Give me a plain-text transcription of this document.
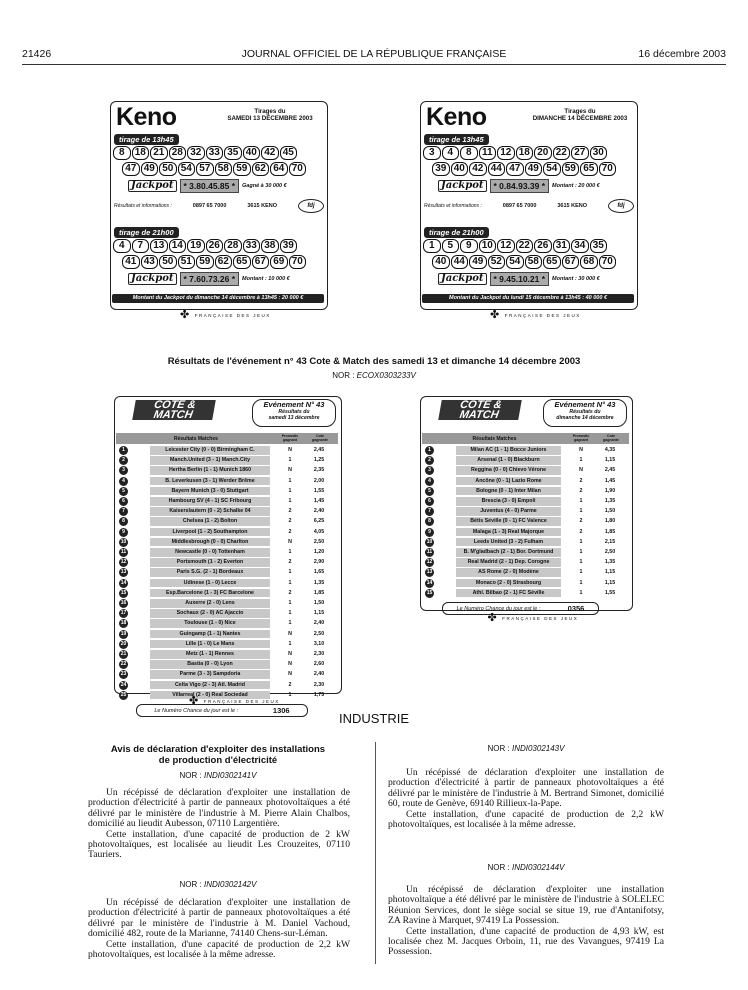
21426	JOURNAL OFFICIEL DE LA RÉPUBLIQUE FRANÇAISE	16 décembre 2003
Keno	Tirages du
SAMEDI 13 DÉCEMBRE 2003
tirage de 13h45
8	18 21 28 32 33 35 40 42 45
47 49 50 54 57 58 59 62 64 70
Jackpot	* 3.80.45.85 *	Gagné à 30 000 €
Résultats et informations :	0897 65 7000	3615 KENO	fdj
tirage de 21h00
4	7	13 14 19 26 28 33 38 39
41 43 50 51 59 62 65 67 69 70
Jackpot	* 7.60.73.26 *	Montant : 10 000 €
Montant du Jackpot du dimanche 14 décembre à 13h45 : 20 000 €
✤ FRANÇAISE DES JEUX
Keno	Tirages du
DIMANCHE 14 DÉCEMBRE 2003
tirage de 13h45
3	4	8	11 12 18 20 22 27 30
39 40 42 44 47 49 54 59 65 70
Jackpot	* 0.84.93.39 *	Montant : 20 000 €
Résultats et informations :	0897 65 7000	3615 KENO	fdj
tirage de 21h00
1	5	9	10 12 22 26 31 34 35
40 44 49 52 54 58 65 67 68 70
Jackpot	* 9.45.10.21 *	Montant : 30 000 €
Montant du Jackpot du lundi 15 décembre à 13h45 : 40 000 €
✤ FRANÇAISE DES JEUX
Résultats de l'événement n° 43 Cote & Match des samedi 13 et dimanche 14 décembre 2003
NOR : ECOX0303233V
COTE & MATCH
Evénement N° 43
Résultats du
samedi 13 décembre
Résultats Matches	Pronostic gagnant
Cote gagnante
1	Leicester City (0 - 0) Birmingham C.	N	2,45
2	Manch.United (3 - 1) Manch.City	1	1,25
3	Hertha Berlin (1 - 1) Munich 1860	N	2,35
4	B. Leverkusen (3 - 1) Werder Brême	1	2,00
5	Bayern Munich (3 - 0) Stuttgart	1	1,55
6	Hambourg SV (4 - 1) SC Fribourg	1	1,45
7	Kaiserslautern (0 - 2) Schalke 04	2	2,40
8	Chelsea (1 - 2) Bolton	2	6,25
9	Liverpool (1 - 2) Southampton	2	4,05
10	Middlesbrough (0 - 0) Charlton	N	2,50
11	Newcastle (0 - 0) Tottenham	1	1,20
12	Portsmouth (1 - 2) Everton	2	2,90
13	Paris S.G. (2 - 1) Bordeaux	1	1,65
14	Udinese (1 - 0) Lecce	1	1,35
15	Esp.Barcelone (1 - 3) FC Barcelone	2	1,85
16	Auxerre (2 - 0) Lens	1	1,50
17	Sochaux (2 - 0) AC Ajaccio	1	1,15
18	Toulouse (1 - 0) Nice	1	2,40
19	Guingamp (1 - 1) Nantes	N	2,50
20	Lille (1 - 0) Le Mans	1	3,10
21	Metz (1 - 1) Rennes	N	2,30
22	Bastia (0 - 0) Lyon	N	2,60
23	Parme (3 - 3) Sampdoria	N	2,40
24	Celta Vigo (2 - 3) Atl. Madrid	2	2,30
25	Villarreal (2 - 0) Real Sociedad	1	1,75
Le Numéro Chance du jour est le :	1306
✤ FRANÇAISE DES JEUX
COTE & MATCH
Evénement N° 43
Résultats du
dimanche 14 décembre
Résultats Matches	Pronostic gagnant
Cote gagnante
1	Milan AC (1 - 1) Bocce Juniors	N	4,35
2	Arsenal (1 - 0) Blackburn	1	1,15
3	Reggina (0 - 0) Chievo Vérone	N	2,45
4	Ancône (0 - 1) Lazio Rome	2	1,45
5	Bologne (0 - 1) Inter Milan	2	1,90
6	Brescia (3 - 0) Empoli	1	1,35
7	Juventus (4 - 0) Parme	1	1,50
8	Bétis Séville (0 - 1) FC Valence	2	1,80
9	Malaga (1 - 3) Real Majorque	2	1,85
10	Leeds United (3 - 2) Fulham	1	2,15
11	B. M'gladbach (2 - 1) Bor. Dortmund	1	2,50
12	Real Madrid (2 - 1) Dep. Corogne	1	1,35
13	AS Rome (2 - 0) Modène	1	1,15
14	Monaco (2 - 0) Strasbourg	1	1,15
15	Athl. Bilbao (2 - 1) FC Séville	1	1,55
Le Numéro Chance du jour est le :	0356
✤ FRANÇAISE DES JEUX
INDUSTRIE
Avis de déclaration d'exploiter des installations
de production d'électricité
NOR : INDI0302141V

Un récépissé de déclaration d'exploiter une installation de production d'électricité à partir de panneaux photovoltaïques a été délivré par le ministère de l'industrie à M. Pierre Alain Chalbos, domicilié au lieudit Aubesson, 07110 Largentière.

Cette installation, d'une capacité de production de 2 kW photovoltaïques, est localisée au lieudit Les Crouzeites, 07110 Tauriers.

NOR : INDI0302142V

Un récépissé de déclaration d'exploiter une installation de production d'électricité à partir de panneaux photovoltaïques a été délivré par le ministère de l'industrie à M. Daniel Vachoud, domicilié 482, route de la Marianne, 74140 Chens-sur-Léman.

Cette installation, d'une capacité de production de 2,2 kW photovoltaïques, est localisée à la même adresse.

NOR : INDI0302143V

Un récépissé de déclaration d'exploiter une installation de production d'électricité à partir de panneaux photovoltaïques a été délivré par le ministère de l'industrie à M. Bertrand Simonet, domicilié 60, route de Genève, 69140 Rillieux-la-Pape.

Cette installation, d'une capacité de production de 2,2 kW photovoltaïques, est localisée à la même adresse.

NOR : INDI0302144V

Un récépissé de déclaration d'exploiter une installation photovoltaïque a été délivré par le ministère de l'industrie à SOLELEC Réunion Services, dont le siège social se situe 19, rue d'Antanifotsy, ZA Ravine à Marquet, 97419 La Possession.

Cette installation, d'une capacité de production de 4,93 kW, est localisée chez M. Jacques Orboin, 11, rue des Vavangues, 97419 La Possession.
